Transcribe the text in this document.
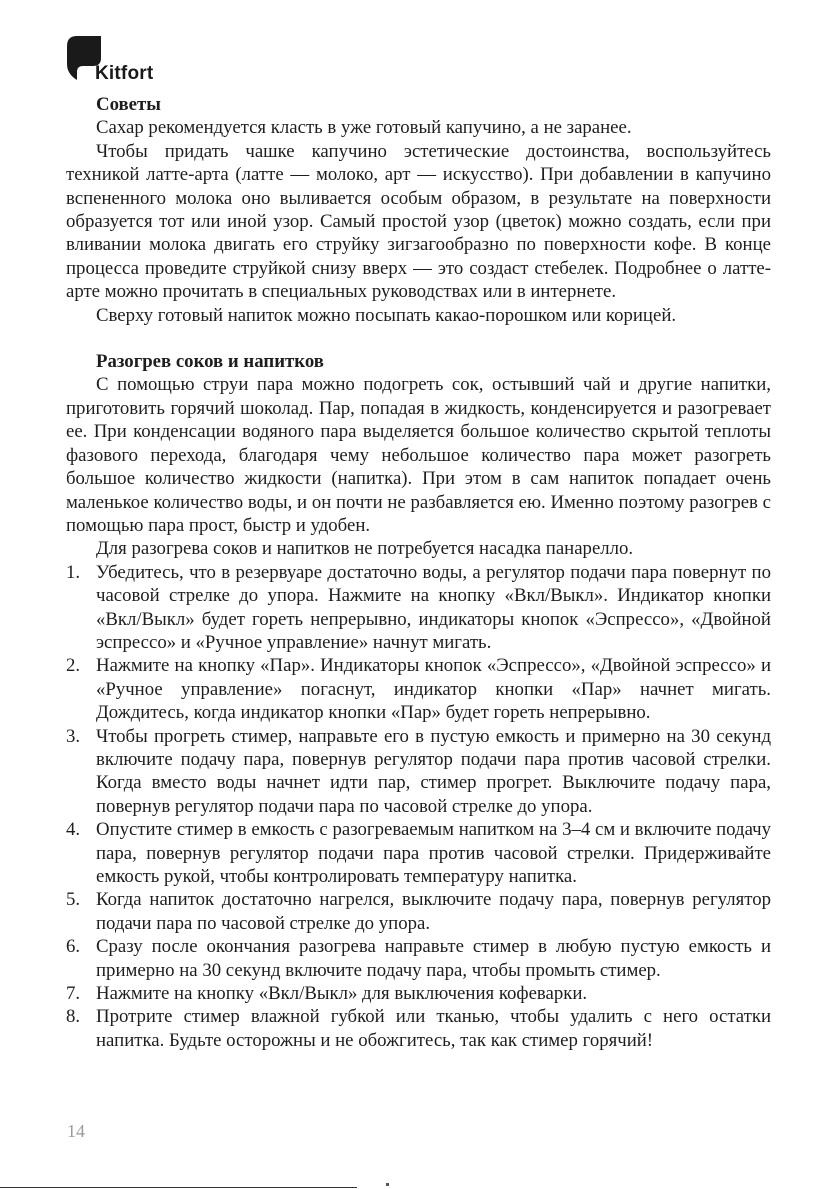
Kitfort

Советы

Сахар рекомендуется класть в уже готовый капучино, а не заранее.

Чтобы придать чашке капучино эстетические достоинства, воспользуйтесь техникой латте-арта (латте — молоко, арт — искусство). При добавлении в капучино вспененного молока оно выливается особым образом, в результате на поверхности образуется тот или иной узор. Самый простой узор (цветок) можно создать, если при вливании молока двигать его струйку зигзагообразно по поверхности кофе. В конце процесса проведите струйкой снизу вверх — это создаст стебелек. Подробнее о латте-арте можно прочитать в специальных руководствах или в интернете.

Сверху готовый напиток можно посыпать какао-порошком или корицей.

Разогрев соков и напитков

С помощью струи пара можно подогреть сок, остывший чай и другие напитки, приготовить горячий шоколад. Пар, попадая в жидкость, конденсируется и разогревает ее. При конденсации водяного пара выделяется большое количество скрытой теплоты фазового перехода, благодаря чему небольшое количество пара может разогреть большое количество жидкости (напитка). При этом в сам напиток попадает очень маленькое количество воды, и он почти не разбавляется ею. Именно поэтому разогрев с помощью пара прост, быстр и удобен.

Для разогрева соков и напитков не потребуется насадка панарелло.

1. Убедитесь, что в резервуаре достаточно воды, а регулятор подачи пара повернут по часовой стрелке до упора. Нажмите на кнопку «Вкл/Выкл». Индикатор кнопки «Вкл/Выкл» будет гореть непрерывно, индикаторы кнопок «Эспрессо», «Двойной эспрессо» и «Ручное управление» начнут мигать.
2. Нажмите на кнопку «Пар». Индикаторы кнопок «Эспрессо», «Двойной эспрессо» и «Ручное управление» погаснут, индикатор кнопки «Пар» начнет мигать. Дождитесь, когда индикатор кнопки «Пар» будет гореть непрерывно.
3. Чтобы прогреть стимер, направьте его в пустую емкость и примерно на 30 секунд включите подачу пара, повернув регулятор подачи пара против часовой стрелки. Когда вместо воды начнет идти пар, стимер прогрет. Выключите подачу пара, повернув регулятор подачи пара по часовой стрелке до упора.
4. Опустите стимер в емкость с разогреваемым напитком на 3–4 см и включите подачу пара, повернув регулятор подачи пара против часовой стрелки. Придерживайте емкость рукой, чтобы контролировать температуру напитка.
5. Когда напиток достаточно нагрелся, выключите подачу пара, повернув регулятор подачи пара по часовой стрелке до упора.
6. Сразу после окончания разогрева направьте стимер в любую пустую емкость и примерно на 30 секунд включите подачу пара, чтобы промыть стимер.
7. Нажмите на кнопку «Вкл/Выкл» для выключения кофеварки.
8. Протрите стимер влажной губкой или тканью, чтобы удалить с него остатки напитка. Будьте осторожны и не обожгитесь, так как стимер горячий!
14
